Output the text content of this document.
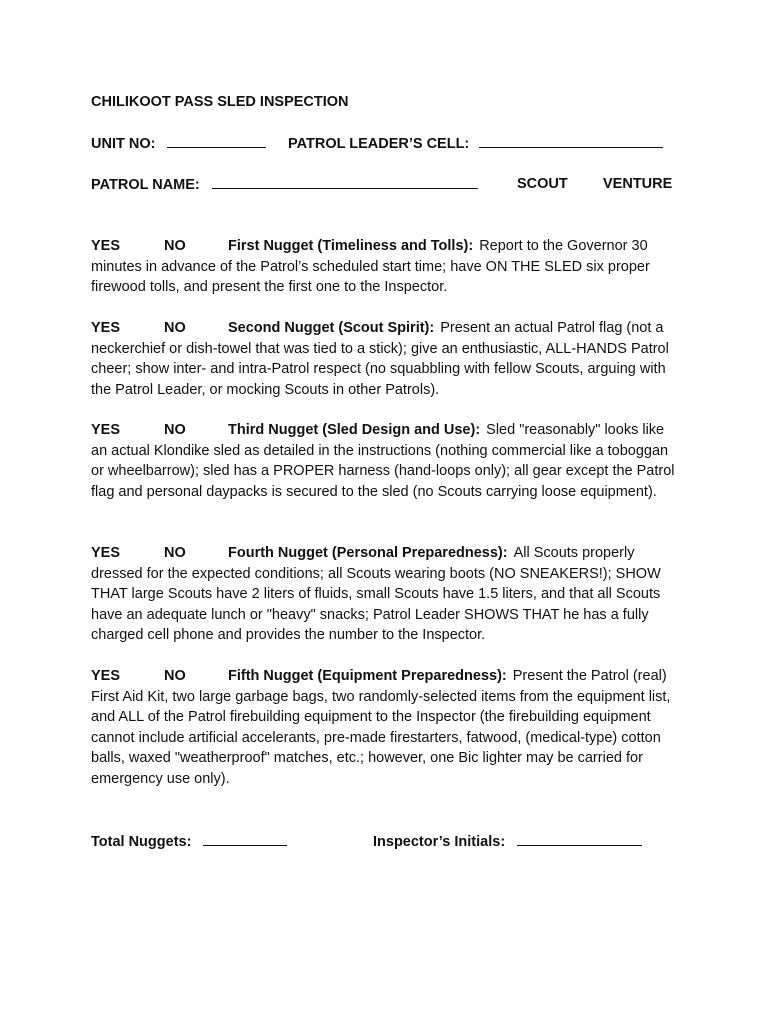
CHILIKOOT PASS SLED INSPECTION
UNIT NO:	PATROL LEADER’S CELL:
PATROL NAME:	SCOUT VENTURE
YES	NO	First Nugget (Timeliness and Tolls): Report to the Governor 30 minutes in advance of the Patrol’s scheduled start time; have ON THE SLED six proper firewood tolls, and present the first one to the Inspector.
YES	NO	Second Nugget (Scout Spirit): Present an actual Patrol flag (not a neckerchief or dish-towel that was tied to a stick); give an enthusiastic, ALL-HANDS Patrol cheer; show inter- and intra-Patrol respect (no squabbling with fellow Scouts, arguing with the Patrol Leader, or mocking Scouts in other Patrols).
YES	NO	Third Nugget (Sled Design and Use): Sled "reasonably" looks like an actual Klondike sled as detailed in the instructions (nothing commercial like a toboggan or wheelbarrow); sled has a PROPER harness (hand-loops only); all gear except the Patrol flag and personal daypacks is secured to the sled (no Scouts carrying loose equipment).
YES	NO	Fourth Nugget (Personal Preparedness): All Scouts properly dressed for the expected conditions; all Scouts wearing boots (NO SNEAKERS!); SHOW THAT large Scouts have 2 liters of fluids, small Scouts have 1.5 liters, and that all Scouts have an adequate lunch or "heavy" snacks; Patrol Leader SHOWS THAT he has a fully charged cell phone and provides the number to the Inspector.
YES	NO	Fifth Nugget (Equipment Preparedness): Present the Patrol (real) First Aid Kit, two large garbage bags, two randomly-selected items from the equipment list, and ALL of the Patrol firebuilding equipment to the Inspector (the firebuilding equipment cannot include artificial accelerants, pre-made firestarters, fatwood, (medical-type) cotton balls, waxed "weatherproof" matches, etc.; however, one Bic lighter may be carried for emergency use only).
Total Nuggets:	Inspector’s Initials:
